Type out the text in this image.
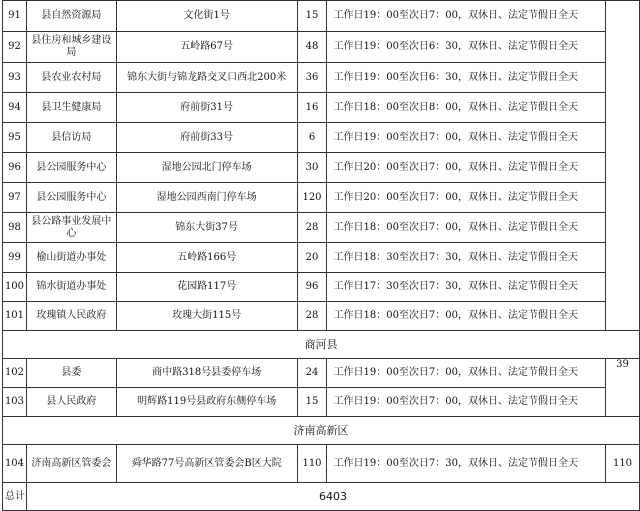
91	县自然资源局	文化街1号	15	工作日19：00至次日7：00，双休日、法定节假日全天	
92	县住房和城乡建设局	五岭路67号	48	工作日19：00至次日6：30，双休日、法定节假日全天	
93	县农业农村局	锦东大街与锦龙路交叉口西北200米	36	工作日19：00至次日6：30，双休日、法定节假日全天	
94	县卫生健康局	府前街31号	16	工作日18：00至次日8：00，双休日、法定节假日全天	
95	县信访局	府前街33号	6	工作日19：00至次日7：00，双休日、法定节假日全天	
96	县公园服务中心	湿地公园北门停车场	30	工作日20：00至次日7：00，双休日、法定节假日全天	
97	县公园服务中心	湿地公园西南门停车场	120	工作日20：00至次日7：00，双休日、法定节假日全天	
98	县公路事业发展中心	锦东大街37号	28	工作日18：00至次日7：00，双休日、法定节假日全天	
99	榆山街道办事处	五岭路166号	20	工作日18：30至次日7：30，双休日、法定节假日全天	
100	锦水街道办事处	花园路117号	96	工作日17：30至次日7：30，双休日、法定节假日全天	
101	玫瑰镇人民政府	玫瑰大街115号	28	工作日18：00至次日7：00，双休日、法定节假日全天	
商河县					
102	县委	商中路318号县委停车场	24	工作日19：00至次日7：00，双休日、法定节假日全天	39
103	县人民政府	明辉路119号县政府东侧停车场	15	工作日19：00至次日7：00，双休日、法定节假日全天	
济南高新区					
104	济南高新区管委会	舜华路77号高新区管委会B区大院	110	工作日19：00至次日7：30，双休日、法定节假日全天	110
总计	6403				
